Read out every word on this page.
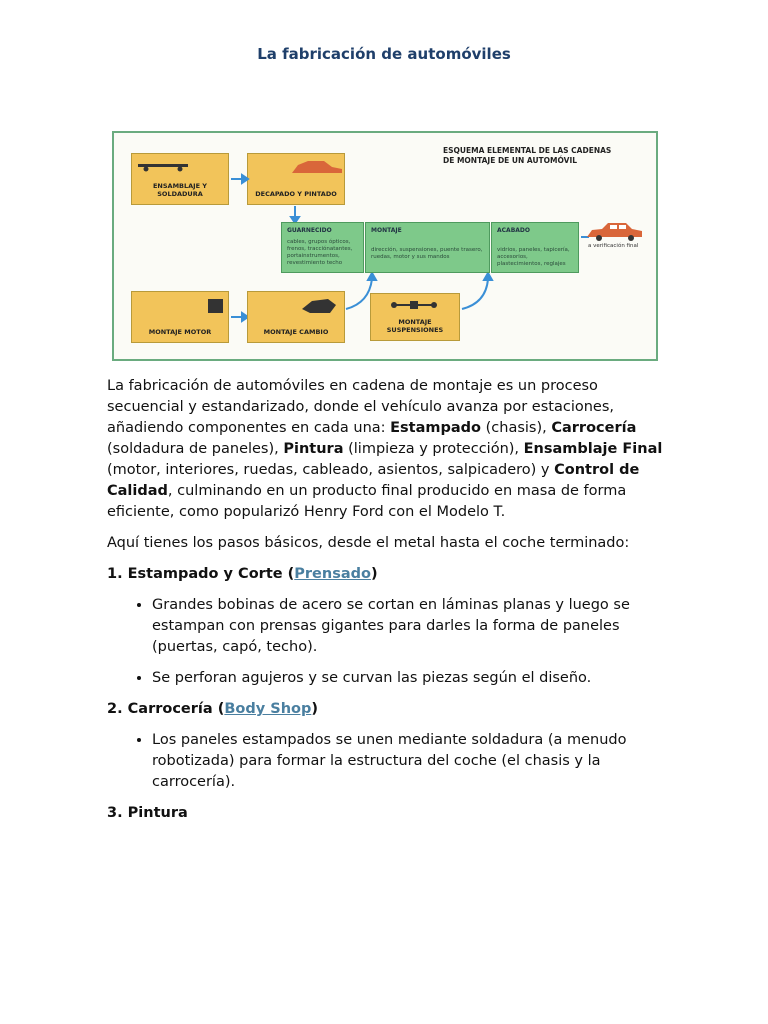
La fabricación de automóviles
ESQUEMA ELEMENTAL DE LAS CADENAS
DE MONTAJE DE UN AUTOMÓVIL
ENSAMBLAJE Y SOLDADURA	DECAPADO Y PINTADO
GUARNECIDO
cables, grupos ópticos, frenos, tracciónatantes, portainstrumentos, revestimiento techo
MONTAJE
dirección, suspensiones, puente trasero, ruedas, motor y sus mandos
ACABADO
vidrios, paneles, tapicería, accesorios, plastecimientos, reglajes
a verificación final
MONTAJE MOTOR	MONTAJE CAMBIO
MONTAJE SUSPENSIONES

La fabricación de automóviles en cadena de montaje es un proceso secuencial y estandarizado, donde el vehículo avanza por estaciones, añadiendo componentes en cada una: Estampado (chasis), Carrocería (soldadura de paneles), Pintura (limpieza y protección), Ensamblaje Final (motor, interiores, ruedas, cableado, asientos, salpicadero) y Control de Calidad, culminando en un producto final producido en masa de forma eficiente, como popularizó Henry Ford con el Modelo T.

Aquí tienes los pasos básicos, desde el metal hasta el coche terminado:

1. Estampado y Corte (Prensado)
• Grandes bobinas de acero se cortan en láminas planas y luego se estampan con prensas gigantes para darles la forma de paneles (puertas, capó, techo).
• Se perforan agujeros y se curvan las piezas según el diseño.
2. Carrocería (Body Shop)
• Los paneles estampados se unen mediante soldadura (a menudo robotizada) para formar la estructura del coche (el chasis y la carrocería).
3. Pintura
